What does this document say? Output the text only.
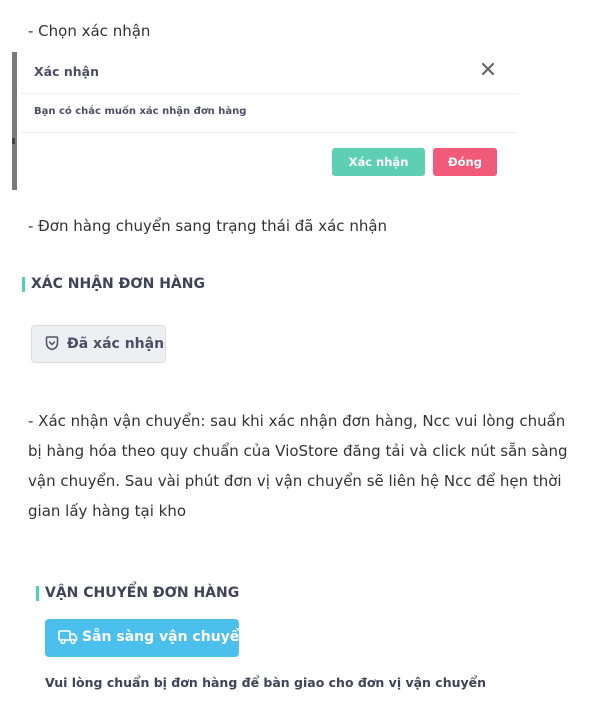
- Chọn xác nhận
Xác nhận
Bạn có chắc muốn xác nhận đơn hàng
Xác nhận	Đóng
- Đơn hàng chuyển sang trạng thái đã xác nhận
XÁC NHẬN ĐƠN HÀNG
Đã xác nhận
- Xác nhận vận chuyển: sau khi xác nhận đơn hàng, Ncc vui lòng chuẩn bị hàng hóa theo quy chuẩn của VioStore đăng tải và click nút sẵn sàng vận chuyển. Sau vài phút đơn vị vận chuyển sẽ liên hệ Ncc để hẹn thời gian lấy hàng tại kho
VẬN CHUYỂN ĐƠN HÀNG
Sẵn sàng vận chuyển
Vui lòng chuẩn bị đơn hàng để bàn giao cho đơn vị vận chuyển
